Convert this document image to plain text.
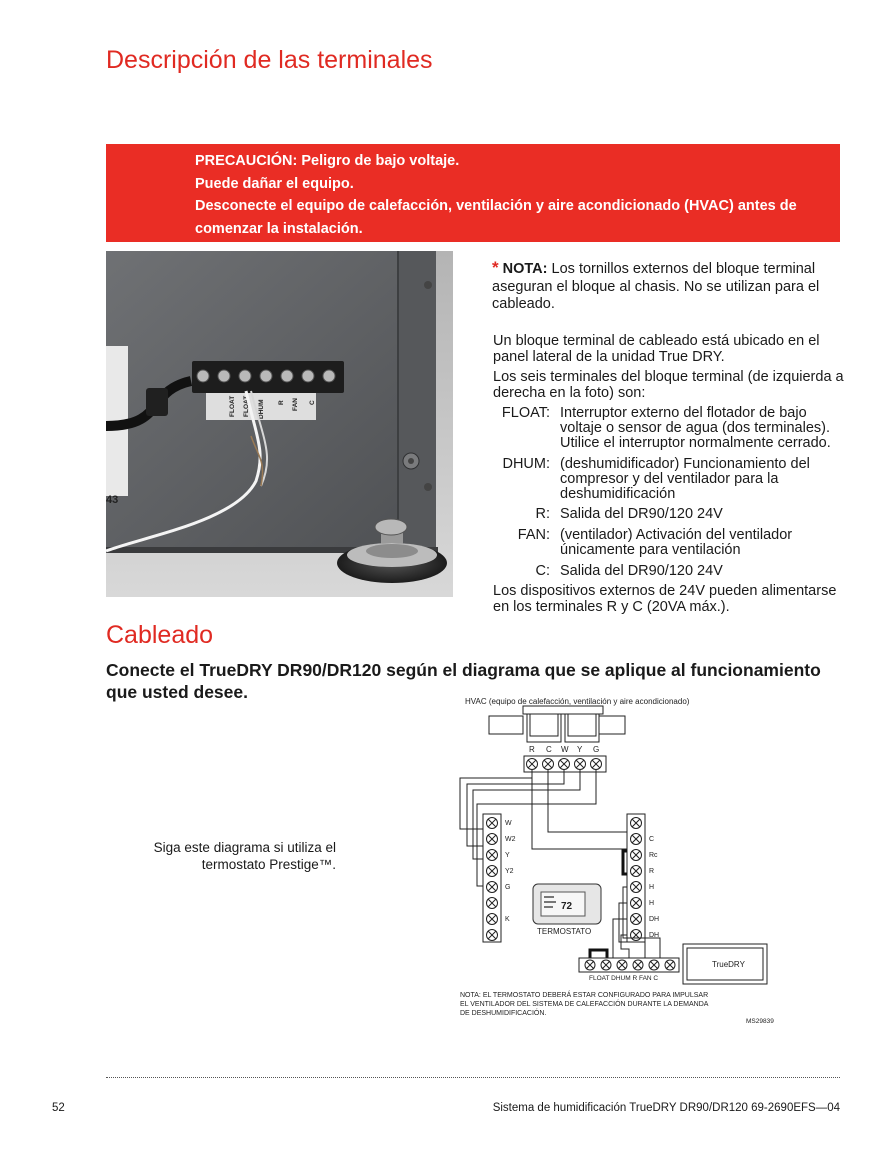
Descripción de las terminales
PRECAUCIÓN: Peligro de bajo voltaje.
Puede dañar el equipo.
Desconecte el equipo de calefacción, ventilación y aire acondicionado (HVAC) antes de comenzar la instalación.
43
FLOAT FLOAT DHUM R FAN C
* NOTA: Los tornillos externos del bloque terminal aseguran el bloque al chasis. No se utilizan para el cableado.
Un bloque terminal de cableado está ubicado en el panel lateral de la unidad True DRY.
Los seis terminales del bloque terminal (de izquierda a derecha en la foto) son:
FLOAT: Interruptor externo del flotador de bajo voltaje o sensor de agua (dos terminales). Utilice el interruptor normalmente cerrado.
DHUM: (deshumidificador) Funcionamiento del compresor y del ventilador para la deshumidificación
R: Salida del DR90/120 24V
FAN: (ventilador) Activación del ventilador únicamente para ventilación
C: Salida del DR90/120 24V
Los dispositivos externos de 24V pueden alimentarse en los terminales R y C (20VA máx.).
Cableado
Conecte el TrueDRY DR90/DR120 según el diagrama que se aplique al funcionamiento que usted desee.
Siga este diagrama si utiliza el termostato Prestige™.
HVAC (equipo de calefacción, ventilación y aire acondicionado)
R C W Y G
W
W2
Y
Y2
G
K
C
Rc
R
H
H
DH
DH
72
TERMOSTATO
FLOAT DHUM R FAN C
TrueDRY
NOTA: EL TERMOSTATO DEBERÁ ESTAR CONFIGURADO PARA IMPULSAR
EL VENTILADOR DEL SISTEMA DE CALEFACCIÓN DURANTE LA DEMANDA
DE DESHUMIDIFICACIÓN.
MS29839
52	Sistema de humidificación TrueDRY DR90/DR120 69-2690EFS—04
